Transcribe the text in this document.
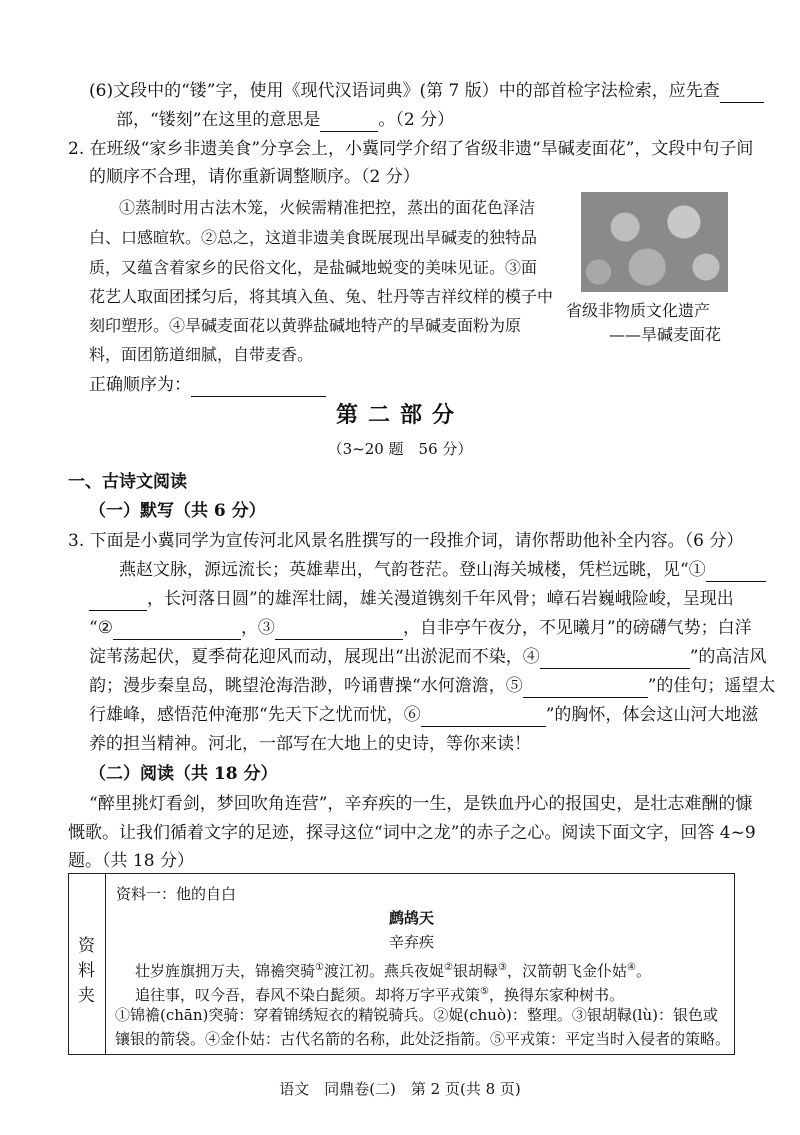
(6)文段中的“镂”字，使用《现代汉语词典》(第 7 版）中的部首检字法检索，应先查
部，“镂刻”在这里的意思是	。（2 分）
2. 在班级“家乡非遗美食”分享会上，小冀同学介绍了省级非遗“旱碱麦面花”，文段中句子间
的顺序不合理，请你重新调整顺序。（2 分）
①蒸制时用古法木笼，火候需精准把控，蒸出的面花色泽洁
白、口感暄软。②总之，这道非遗美食既展现出旱碱麦的独特品
质，又蕴含着家乡的民俗文化，是盐碱地蜕变的美味见证。③面
花艺人取面团揉匀后，将其填入鱼、兔、牡丹等吉祥纹样的模子中
刻印塑形。④旱碱麦面花以黄骅盐碱地特产的旱碱麦面粉为原
料，面团筋道细腻，自带麦香。
省级非物质文化遗产
——旱碱麦面花
正确顺序为：
第二部分
（3~20 题　56 分）
一、古诗文阅读
（一）默写（共 6 分）
3. 下面是小冀同学为宣传河北风景名胜撰写的一段推介词，请你帮助他补全内容。（6 分）
燕赵文脉，源远流长；英雄辈出，气韵苍茫。登山海关城楼，凭栏远眺，见“①
，长河落日圆”的雄浑壮阔，雄关漫道镌刻千年风骨；嶂石岩巍峨险峻，呈现出
“②	，③	，自非亭午夜分，不见曦月”的磅礴气势；白洋
淀苇荡起伏，夏季荷花迎风而动，展现出“出淤泥而不染，④	”的高洁风
韵；漫步秦皇岛，眺望沧海浩渺，吟诵曹操“水何澹澹，⑤	”的佳句；遥望太
行雄峰，感悟范仲淹那“先天下之忧而忧，⑥	”的胸怀，体会这山河大地滋
养的担当精神。河北，一部写在大地上的史诗，等你来读！
（二）阅读（共 18 分）
“醉里挑灯看剑，梦回吹角连营”，辛弃疾的一生，是铁血丹心的报国史，是壮志难酬的慷
慨歌。让我们循着文字的足迹，探寻这位“词中之龙”的赤子之心。阅读下面文字，回答 4~9
题。（共 18 分）
资
料
夹
资料一：他的自白
鹧鸪天
辛弃疾
壮岁旌旗拥万夫，锦襜突骑①渡江初。燕兵夜娖②银胡䩮③，汉箭朝飞金仆姑④。
追往事，叹今吾，春风不染白髭须。却将万字平戎策⑤，换得东家种树书。
①锦襜(chān)突骑：穿着锦绣短衣的精锐骑兵。②娖(chuò)：整理。③银胡䩮(lù)：银色或
镶银的箭袋。④金仆姑：古代名箭的名称，此处泛指箭。⑤平戎策：平定当时入侵者的策略。
语文　同鼎卷(二)　第 2 页(共 8 页)
